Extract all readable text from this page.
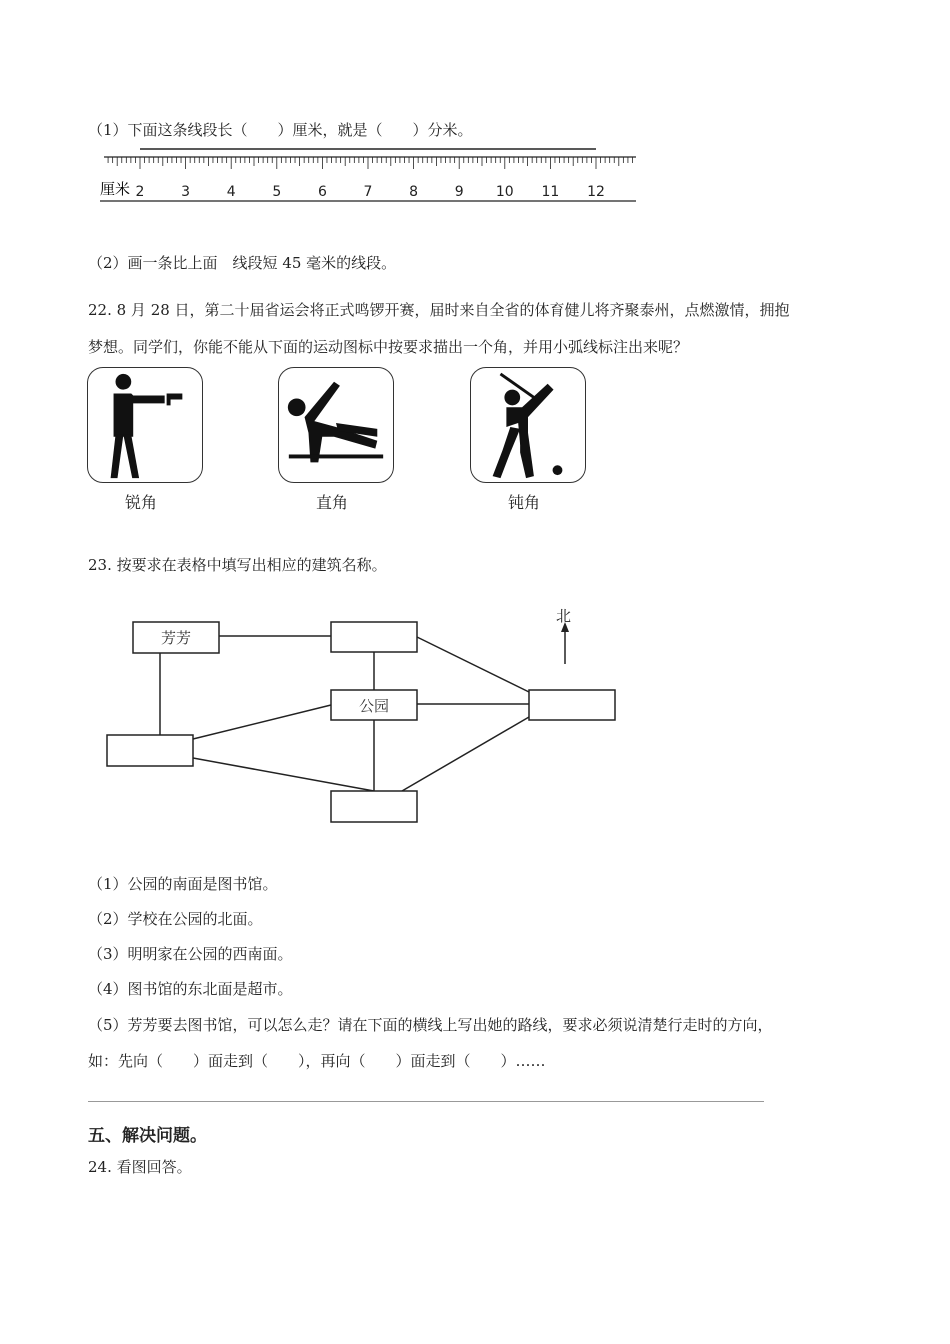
（1）下面这条线段长（　　）厘米，就是（　　）分米。
厘米 2	3	4	5	6	7	8	9 10 11 12
（2）画一条比上面　线段短 45 毫米的线段。
22. 8 月 28 日，第二十届省运会将正式鸣锣开赛，届时来自全省的体育健儿将齐聚泰州，点燃激情，拥抱
梦想。同学们，你能不能从下面的运动图标中按要求描出一个角，并用小弧线标注出来呢？
锐角	直角	钝角
23. 按要求在表格中填写出相应的建筑名称。
北
芳芳
公园
（1）公园的南面是图书馆。
（2）学校在公园的北面。
（3）明明家在公园的西南面。
（4）图书馆的东北面是超市。
（5）芳芳要去图书馆，可以怎么走？请在下面的横线上写出她的路线，要求必须说清楚行走时的方向，
如：先向（　　）面走到（　　），再向（　　）面走到（　　）……
五、解决问题。
24. 看图回答。
